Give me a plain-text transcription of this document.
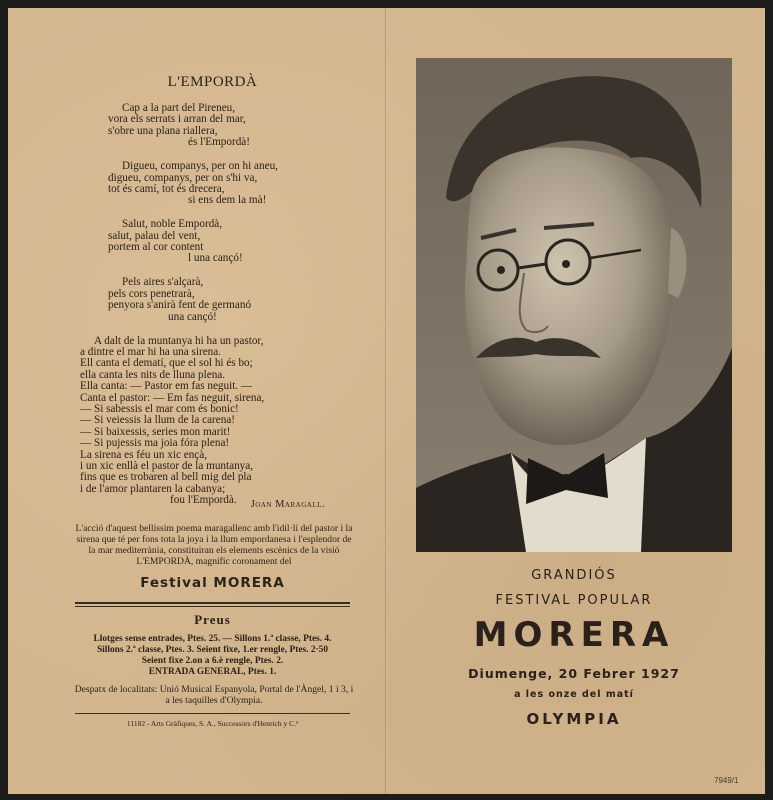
L'EMPORDÀ
Cap a la part del Pireneu,
vora els serrats i arran del mar,
s'obre una plana riallera,
és l'Empordà!
Digueu, companys, per on hi aneu,
digueu, companys, per on s'hi va,
tot és camí, tot és drecera,
si ens dem la mà!
Salut, noble Empordà,
salut, palau del vent,
portem al cor content
l una cançó!
Pels aires s'alçarà,
pels cors penetrarà,
penyora s'anirà fent de germanó
una cançó!
A dalt de la muntanya hi ha un pastor,
a dintre el mar hi ha una sirena.
Ell canta el dematí, que el sol hi és bo;
ella canta les nits de lluna plena.
Ella canta: — Pastor em fas neguit. —
Canta el pastor: — Em fas neguit, sirena,
— Si sabessis el mar com és bonic!
— Si veiessis la llum de la carena!
— Si baixessis, series mon marit!
— Si pujessis ma joia fóra plena!
La sirena es féu un xic ençà,
i un xic enllà el pastor de la muntanya,
fins que es trobaren al bell mig del pla
i de l'amor plantaren la cabanya;
fou l'Empordà.	Joan Maragall.
L'acció d'aquest bellíssim poema maragallenc amb l'idil·li del pastor i la sirena que té per fons tota la joya i la llum empordanesa i l'esplendor de la mar mediterrània, constituiran els elements escènics de la visió L'EMPORDÀ, magnífic coronament del
Festival MORERA
Preus
Llotges sense entrades, Ptes. 25. — Sillons 1.ª classe, Ptes. 4.
Sillons 2.ª classe, Ptes. 3. Seient fixe, 1.er rengle, Ptes. 2·50
Seient fixe 2.on a 6.è rengle, Ptes. 2.
ENTRADA GENERAL, Ptes. 1.
Despatx de localitats: Unió Musical Espanyola, Portal de l'Àngel, 1 i 3, i a les taquilles d'Olympia.
11182 - Arts Gràfiques, S. A., Successors d'Henrich y C.ª
GRANDIÓS
FESTIVAL POPULAR
MORERA
Diumenge, 20 Febrer 1927
a les onze del matí
OLYMPIA
7949/1
